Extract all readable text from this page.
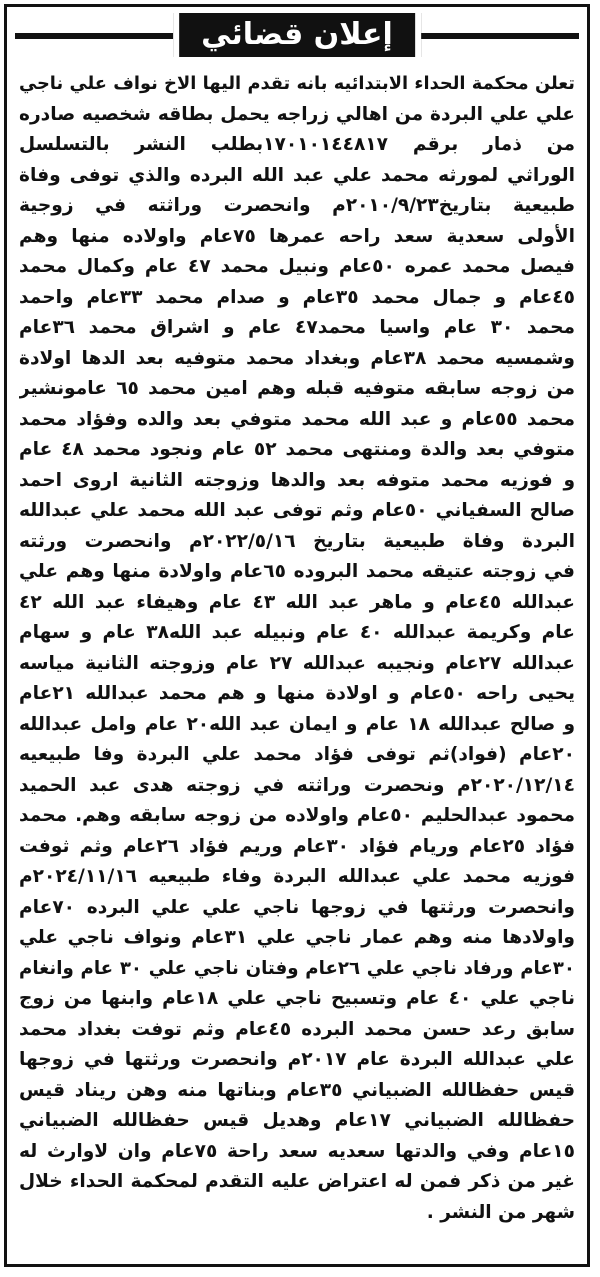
إعلان قضائي
تعلن محكمة الحداء الابتدائيه بانه تقدم اليها الاخ نواف علي ناجي
علي علي البردة من اهالي زراجه يحمل بطاقه شخصيه صادره
من ذمار برقم ١٧٠١٠١٤٤٨١٧بطلب النشر بالتسلسل
الوراثي لمورثه محمد علي عبد الله البرده والذي توفى وفاة
طبيعية بتاريخ٢٠١٠/٩/٢٣م وانحصرت وراثته في زوجية
الأولى سعدية سعد راحه عمرها ٧٥عام واولاده منها وهم
فيصل محمد عمره ٥٠عام ونبيل محمد ٤٧ عام وكمال محمد
٤٥عام و جمال محمد ٣٥عام و صدام محمد ٣٣عام واحمد
محمد ٣٠ عام واسيا محمد٤٧ عام و اشراق محمد ٣٦عام
وشمسيه محمد ٣٨عام وبغداد محمد متوفيه بعد الدها اولادة
من زوجه سابقه متوفيه قبله وهم امين محمد ٦٥ عامونشير
محمد ٥٥عام و عبد الله محمد متوفي بعد والده وفؤاد محمد
متوفي بعد والدة ومنتهى محمد ٥٢ عام ونجود محمد ٤٨ عام
و فوزيه محمد متوفه بعد والدها وزوجته الثانية اروى احمد
صالح السفياني ٥٠عام وثم توفى عبد الله محمد علي عبدالله
البردة وفاة طبيعية بتاريخ ٢٠٢٢/٥/١٦م وانحصرت ورثته
في زوجته عتيقه محمد البروده ٦٥عام واولادة منها وهم علي
عبدالله ٤٥عام و ماهر عبد الله ٤٣ عام وهيفاء عبد الله ٤٢
عام وكريمة عبدالله ٤٠ عام ونبيله عبد الله٣٨ عام و سهام
عبدالله ٢٧عام ونجيبه عبدالله ٢٧ عام وزوجته الثانية مياسه
يحيى راحه ٥٠عام و اولادة منها و هم محمد عبدالله ٢١عام
و صالح عبدالله ١٨ عام و ايمان عبد الله٢٠ عام وامل عبدالله
٢٠عام (فواد)ثم توفى فؤاد محمد علي البردة وفا طبيعيه
٢٠٢٠/١٢/١٤م ونحصرت وراثته في زوجته هدى عبد الحميد
محمود عبدالحليم ٥٠عام واولاده من زوجه سابقه وهم. محمد
فؤاد ٢٥عام وريام فؤاد ٣٠عام وريم فؤاد ٢٦عام وثم ثوفت
فوزيه محمد علي عبدالله البردة وفاء طبيعيه ٢٠٢٤/١١/١٦م
وانحصرت ورثتها في زوجها ناجي علي علي البرده ٧٠عام
واولادها منه وهم عمار ناجي علي ٣١عام ونواف ناجي علي
٣٠عام ورفاد ناجي علي ٢٦عام وفتان ناجي علي ٣٠ عام وانغام
ناجي علي ٤٠ عام وتسبيح ناجي علي ١٨عام وابنها من زوج
سابق رعد حسن محمد البرده ٤٥عام وثم توفت بغداد محمد
علي عبدالله البردة عام ٢٠١٧م وانحصرت ورثتها في زوجها
قيس حفظالله الضبياني ٣٥عام وبناتها منه وهن ريناد قيس
حفظالله الضبياني ١٧عام وهديل قيس حفظالله الضبياني
١٥عام وفي والدتها سعديه سعد راحة ٧٥عام وان لاوارث له
غير من ذكر فمن له اعتراض عليه التقدم لمحكمة الحداء خلال
شهر من النشر .
